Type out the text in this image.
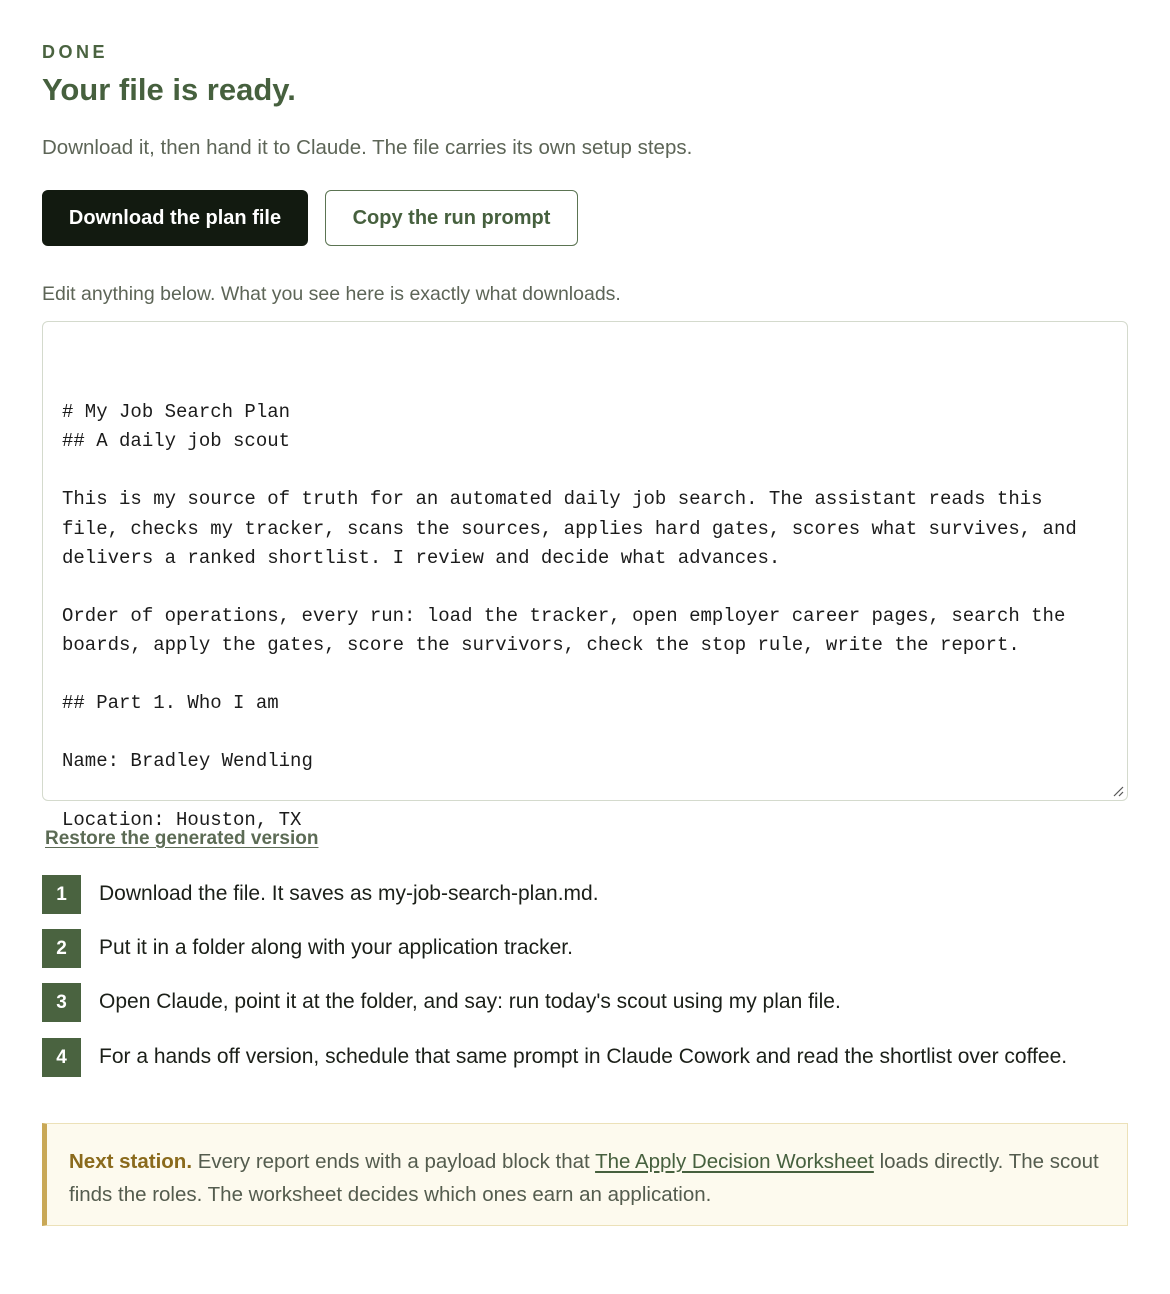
DONE
Your file is ready.

Download it, then hand it to Claude. The file carries its own setup steps.

Download the plan file	Copy the run prompt

Edit anything below. What you see here is exactly what downloads.

# My Job Search Plan
## A daily job scout

This is my source of truth for an automated daily job search. The assistant reads this file, checks my tracker, scans the sources, applies hard gates, scores what survives, and delivers a ranked shortlist. I review and decide what advances.

Order of operations, every run: load the tracker, open employer career pages, search the boards, apply the gates, score the survivors, check the stop rule, write the report.

## Part 1. Who I am

Name: Bradley Wendling

Location: Houston, TX

Restore the generated version
1	Download the file. It saves as my-job-search-plan.md.
2	Put it in a folder along with your application tracker.
3	Open Claude, point it at the folder, and say: run today's scout using my plan file.
4	For a hands off version, schedule that same prompt in Claude Cowork and read the shortlist over coffee.
Next station. Every report ends with a payload block that The Apply Decision Worksheet loads directly. The scout finds the roles. The worksheet decides which ones earn an application.
